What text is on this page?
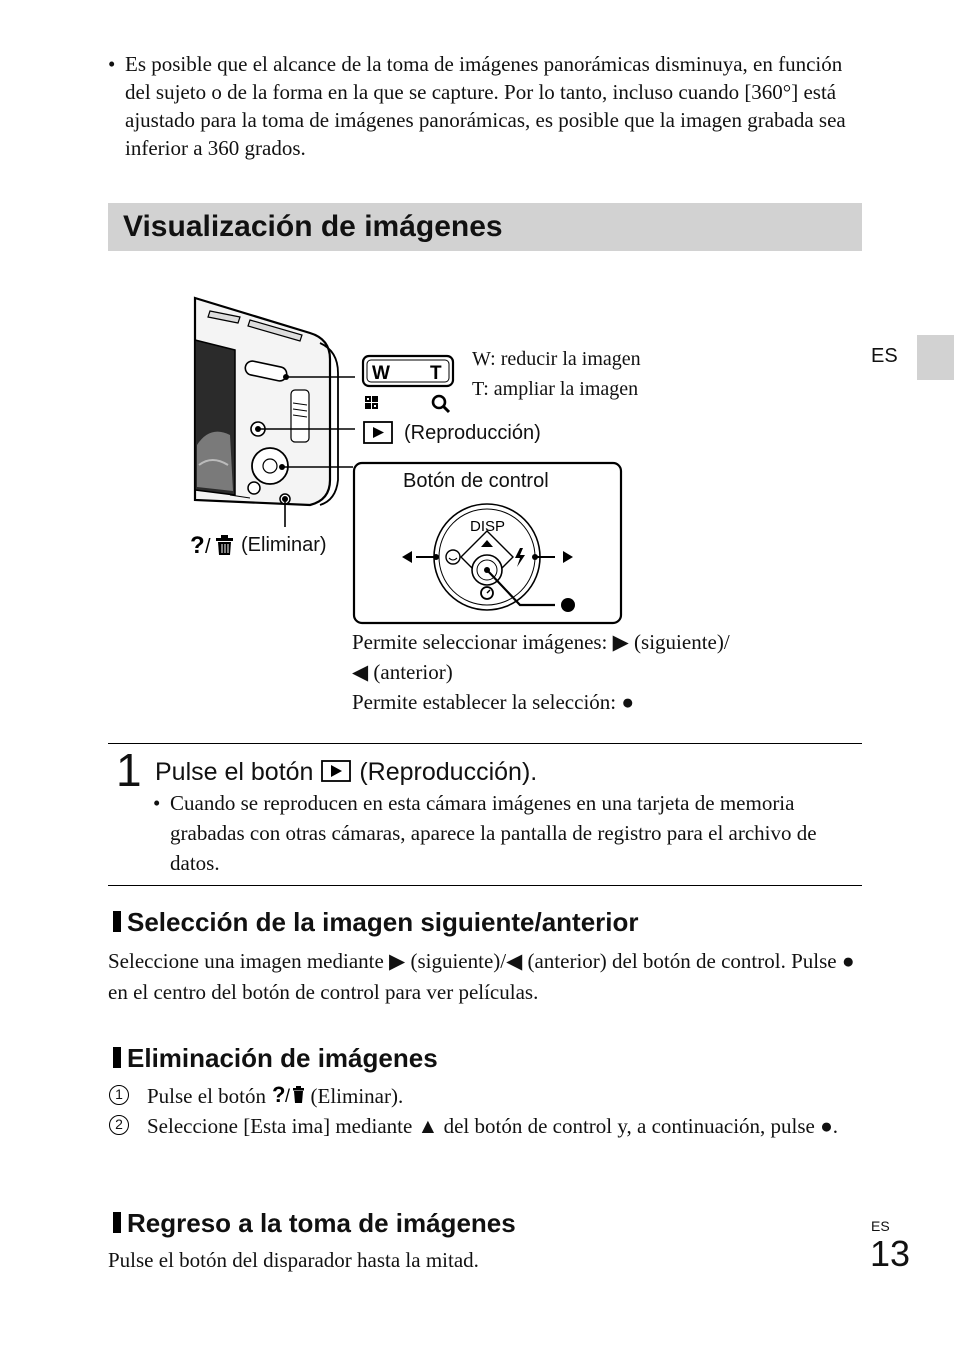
• Es posible que el alcance de la toma de imágenes panorámicas disminuya, en función del sujeto o de la forma en la que se capture. Por lo tanto, incluso cuando [360°] está ajustado para la toma de imágenes panorámicas, es posible que la imagen grabada sea inferior a 360 grados.
Visualización de imágenes
ES
W T
DISP
? /
W: reducir la imagen
T: ampliar la imagen
(Reproducción)
Botón de control
(Eliminar)
Permite seleccionar imágenes: ▶ (siguiente)/
◀ (anterior)
Permite establecer la selección: ●
1 Pulse el botón (Reproducción).
• Cuando se reproducen en esta cámara imágenes en una tarjeta de memoria grabadas con otras cámaras, aparece la pantalla de registro para el archivo de datos.
Selección de la imagen siguiente/anterior
Seleccione una imagen mediante ▶ (siguiente)/◀ (anterior) del botón de control. Pulse ● en el centro del botón de control para ver películas.
Eliminación de imágenes
1 Pulse el botón ? / (Eliminar).
2 Seleccione [Esta ima] mediante ▲ del botón de control y, a continuación, pulse ●.
Regreso a la toma de imágenes
Pulse el botón del disparador hasta la mitad.
ES
13
